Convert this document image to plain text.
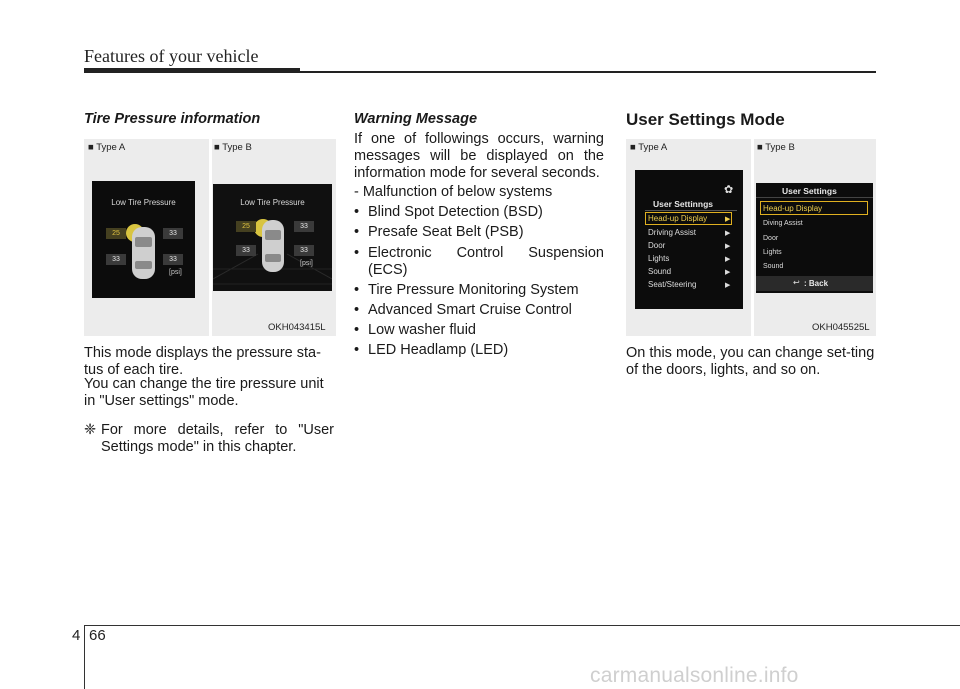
Features of your vehicle
Tire Pressure information
■ Type A	■ Type B
Low Tire Pressure
25	33
33	33
[psi]
Low Tire Pressure
25	33
33	33
[psi]
OKH043415L
This mode displays the pressure sta-tus of each tire.
You can change the tire pressure unit in "User settings" mode.
❈ For more details, refer to "User Settings mode" in this chapter.
Warning Message
If one of followings occurs, warning messages will be displayed on the information mode for several seconds.
- Malfunction of below systems
• Blind Spot Detection (BSD)
• Presafe Seat Belt (PSB)
• Electronic Control Suspension (ECS)
• Tire Pressure Monitoring System
• Advanced Smart Cruise Control
• Low washer fluid
• LED Headlamp (LED)
User Settings Mode
■ Type A	■ Type B
✿
User Settinngs
Head-up Display	▶
Driving Assist	▶
Door	▶
Lights	▶
Sound	▶
Seat/Steering	▶
User Settings
Head-up Display
Diving Assist
Door
Lights
Sound
↩ : Back
OKH045525L
On this mode, you can change set-ting of the doors, lights, and so on.
4 66
carmanualsonline.info
